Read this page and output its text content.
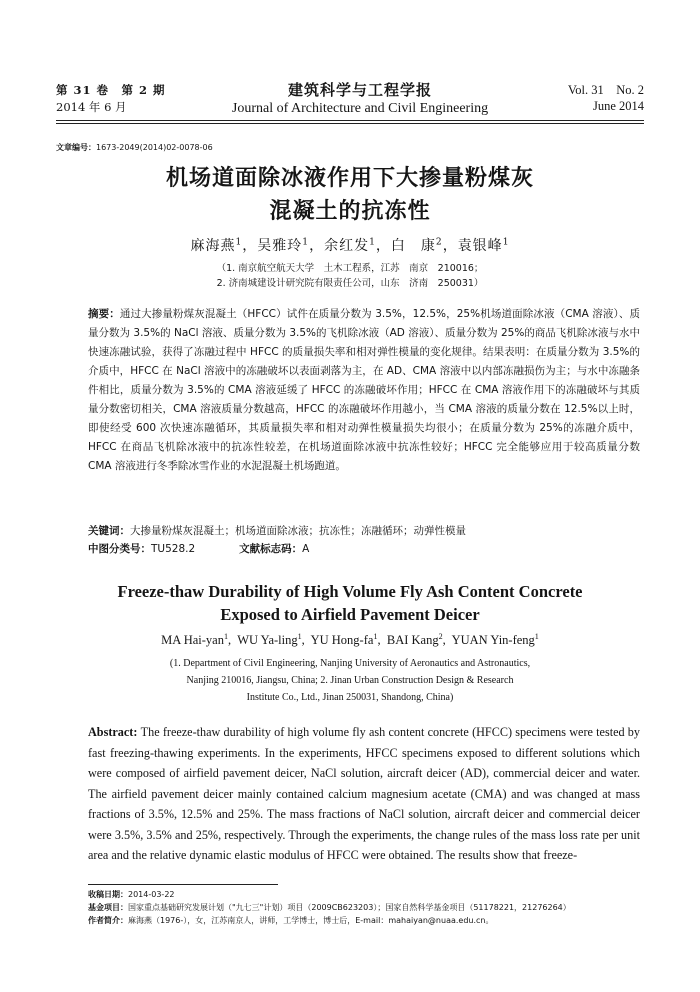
第 31 卷　第 2 期
2014 年 6 月
建筑科学与工程学报
Journal of Architecture and Civil Engineering
Vol. 31　No. 2
June 2014
文章编号：1673-2049(2014)02-0078-06
机场道面除冰液作用下大掺量粉煤灰
混凝土的抗冻性
麻海燕$^1$，吴雅玲$^1$，余红发$^1$，白　康$^2$，袁银峰$^1$
（1. 南京航空航天大学　土木工程系，江苏　南京　210016；
2. 济南城建设计研究院有限责任公司，山东　济南　250031）
摘要：通过大掺量粉煤灰混凝土（HFCC）试件在质量分数为 3.5%，12.5%，25%机场道面除冰液（CMA 溶液）、质量分数为 3.5%的 NaCl 溶液、质量分数为 3.5%的飞机除冰液（AD 溶液）、质量分数为 25%的商品飞机除冰液与水中快速冻融试验，获得了冻融过程中 HFCC 的质量损失率和相对弹性模量的变化规律。结果表明：在质量分数为 3.5%的介质中，HFCC 在 NaCl 溶液中的冻融破坏以表面剥落为主，在 AD、CMA 溶液中以内部冻融损伤为主；与水中冻融条件相比，质量分数为 3.5%的 CMA 溶液延缓了 HFCC 的冻融破坏作用；HFCC 在 CMA 溶液作用下的冻融破坏与其质量分数密切相关，CMA 溶液质量分数越高，HFCC 的冻融破坏作用越小，当 CMA 溶液的质量分数在 12.5%以上时，即使经受 600 次快速冻融循环，其质量损失率和相对动弹性模量损失均很小；在质量分数为 25%的冻融介质中，HFCC 在商品飞机除冰液中的抗冻性较差，在机场道面除冰液中抗冻性较好；HFCC 完全能够应用于较高质量分数 CMA 溶液进行冬季除冰雪作业的水泥混凝土机场跑道。
关键词：大掺量粉煤灰混凝土；机场道面除冰液；抗冻性；冻融循环；动弹性模量
中图分类号：TU528.2	文献标志码：A
Freeze-thaw Durability of High Volume Fly Ash Content Concrete
Exposed to Airfield Pavement Deicer
MA Hai-yan$^1$,  WU Ya-ling$^1$,  YU Hong-$fa^1$,  BAI Kang$^2$,  YUAN Yin-feng$^1$
(1. Department of Civil Engineering, Nanjing University of Aeronautics and Astronautics,
Nanjing 210016, Jiangsu, China; 2. Jinan Urban Construction Design & Research
Institute Co., Ltd., Jinan 250031, Shandong, China)
Abstract: The freeze-thaw durability of high volume fly ash content concrete (HFCC) specimens were tested by fast freezing-thawing experiments. In the experiments, HFCC specimens exposed to different solutions which were composed of airfield pavement deicer, NaCl solution, aircraft deicer (AD), commercial deicer and water. The airfield pavement deicer mainly contained calcium magnesium acetate (CMA) and was changed at mass fractions of 3.5%, 12.5% and 25%. The mass fractions of NaCl solution, aircraft deicer and commercial deicer were 3.5%, 3.5% and 25%, respectively. Through the experiments, the change rules of the mass loss rate per unit area and the relative dynamic elastic modulus of HFCC were obtained. The results show that freeze-
收稿日期：2014-03-22
基金项目：国家重点基础研究发展计划（"九七三"计划）项目（2009CB623203）；国家自然科学基金项目（51178221，21276264）
作者简介：麻海燕（1976-），女，江苏南京人，讲师，工学博士，博士后，E-mail：mahaiyan@nuaa.edu.cn。
